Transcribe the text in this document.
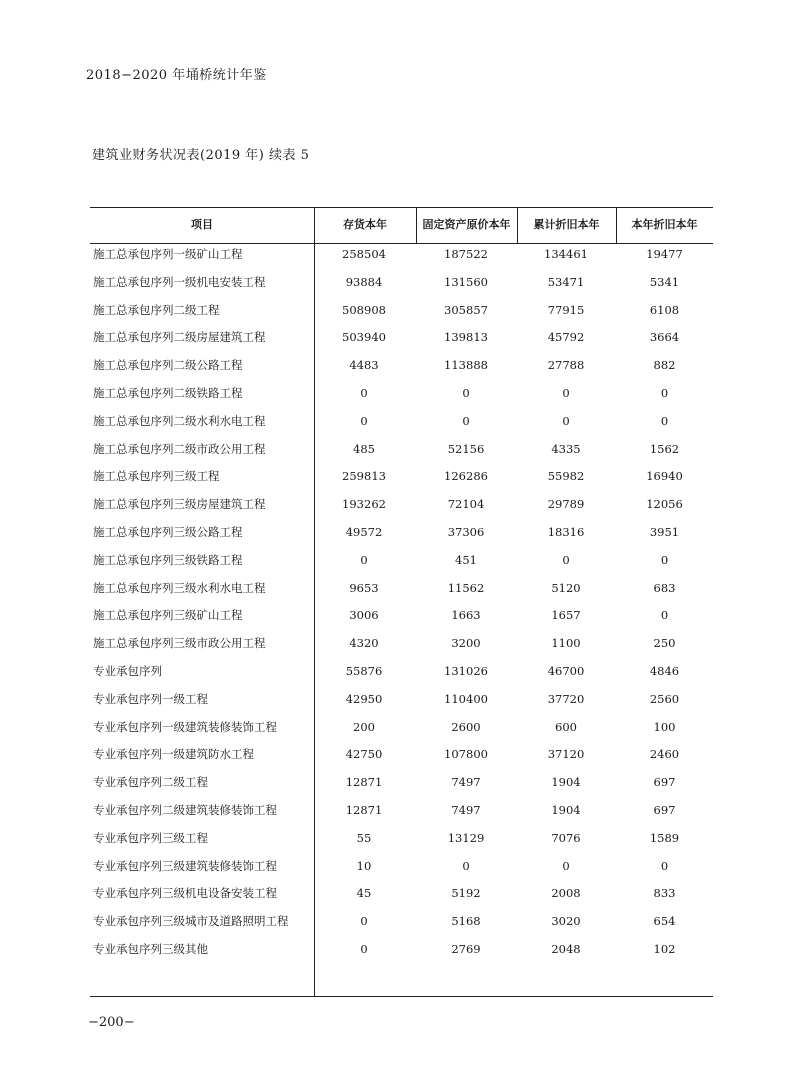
2018−2020 年埇桥统计年鉴
建筑业财务状况表(2019 年) 续表 5
项目	存货本年	固定资产原价本年	累计折旧本年	本年折旧本年
施工总承包序列一级矿山工程	258504	187522	134461	19477
施工总承包序列一级机电安装工程	93884	131560	53471	5341
施工总承包序列二级工程	508908	305857	77915	6108
施工总承包序列二级房屋建筑工程	503940	139813	45792	3664
施工总承包序列二级公路工程	4483	113888	27788	882
施工总承包序列二级铁路工程	0	0	0	0
施工总承包序列二级水利水电工程	0	0	0	0
施工总承包序列二级市政公用工程	485	52156	4335	1562
施工总承包序列三级工程	259813	126286	55982	16940
施工总承包序列三级房屋建筑工程	193262	72104	29789	12056
施工总承包序列三级公路工程	49572	37306	18316	3951
施工总承包序列三级铁路工程	0	451	0	0
施工总承包序列三级水利水电工程	9653	11562	5120	683
施工总承包序列三级矿山工程	3006	1663	1657	0
施工总承包序列三级市政公用工程	4320	3200	1100	250
专业承包序列	55876	131026	46700	4846
专业承包序列一级工程	42950	110400	37720	2560
专业承包序列一级建筑装修装饰工程	200	2600	600	100
专业承包序列一级建筑防水工程	42750	107800	37120	2460
专业承包序列二级工程	12871	7497	1904	697
专业承包序列二级建筑装修装饰工程	12871	7497	1904	697
专业承包序列三级工程	55	13129	7076	1589
专业承包序列三级建筑装修装饰工程	10	0	0	0
专业承包序列三级机电设备安装工程	45	5192	2008	833
专业承包序列三级城市及道路照明工程	0	5168	3020	654
专业承包序列三级其他	0	2769	2048	102
−200−
